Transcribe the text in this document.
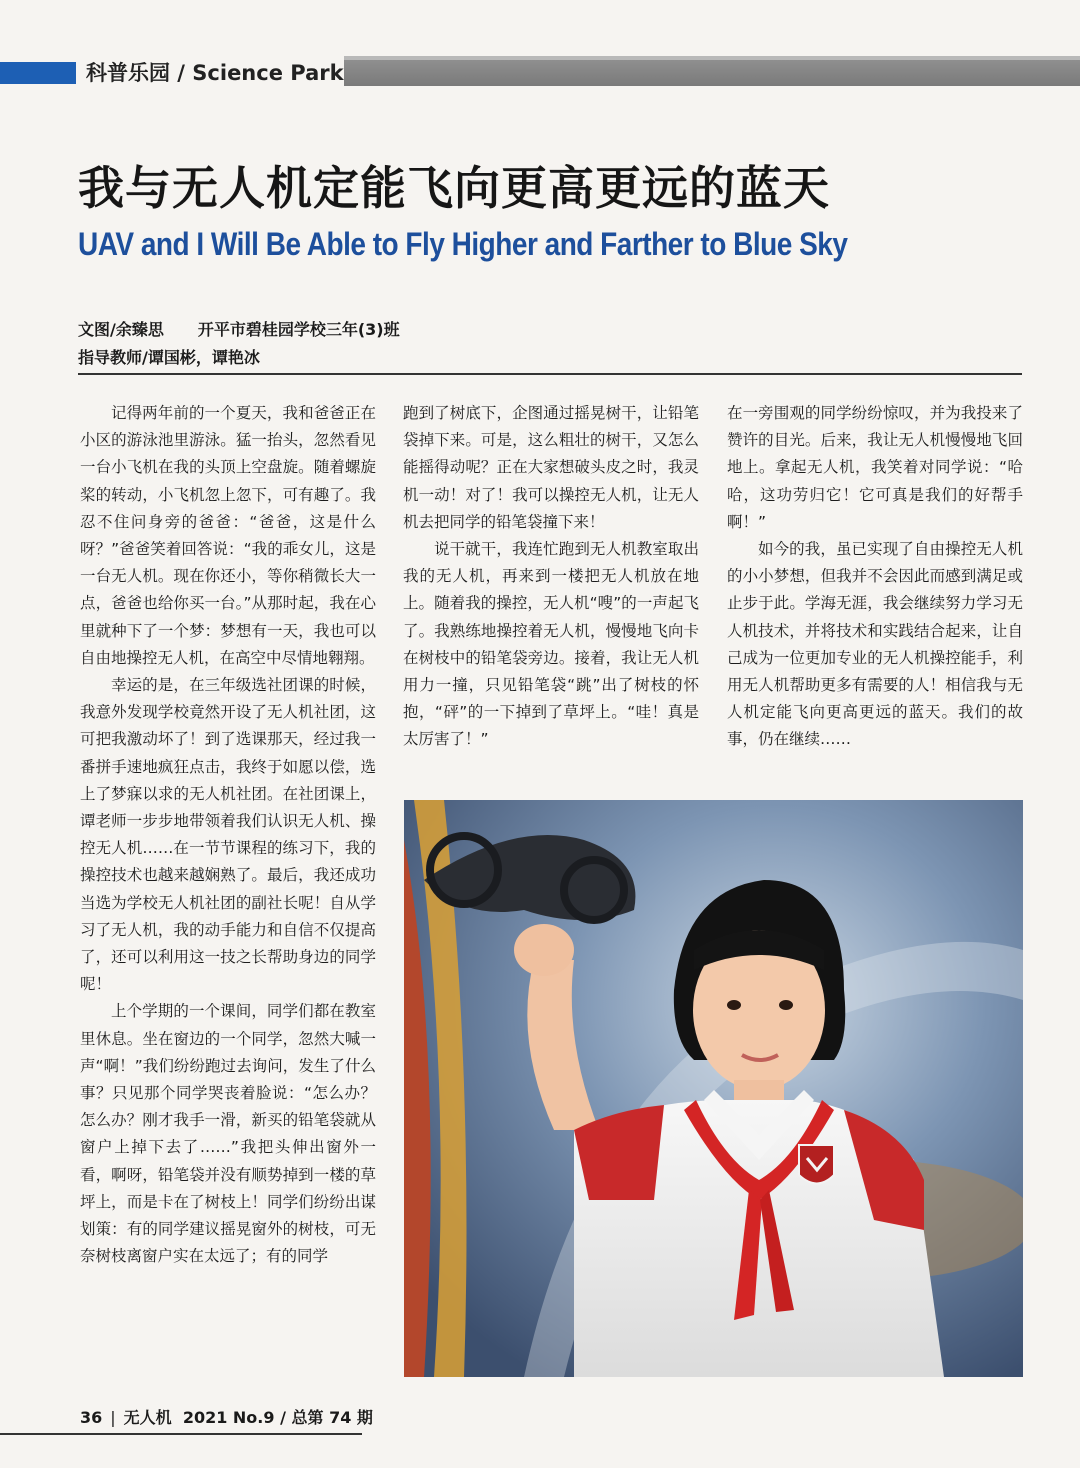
科普乐园 / Science Park
我与无人机定能飞向更高更远的蓝天
UAV and I Will Be Able to Fly Higher and Farther to Blue Sky
文图/余臻思 开平市碧桂园学校三年(3)班
指导教师/谭国彬，谭艳冰

记得两年前的一个夏天，我和爸爸正在小区的游泳池里游泳。猛一抬头，忽然看见一台小飞机在我的头顶上空盘旋。随着螺旋桨的转动，小飞机忽上忽下，可有趣了。我忍不住问身旁的爸爸：“爸爸，这是什么呀？”爸爸笑着回答说：“我的乖女儿，这是一台无人机。现在你还小，等你稍微长大一点，爸爸也给你买一台。”从那时起，我在心里就种下了一个梦：梦想有一天，我也可以自由地操控无人机，在高空中尽情地翱翔。

幸运的是，在三年级选社团课的时候，我意外发现学校竟然开设了无人机社团，这可把我激动坏了！到了选课那天，经过我一番拼手速地疯狂点击，我终于如愿以偿，选上了梦寐以求的无人机社团。在社团课上，谭老师一步步地带领着我们认识无人机、操控无人机……在一节节课程的练习下，我的操控技术也越来越娴熟了。最后，我还成功当选为学校无人机社团的副社长呢！自从学习了无人机，我的动手能力和自信不仅提高了，还可以利用这一技之长帮助身边的同学呢！

上个学期的一个课间，同学们都在教室里休息。坐在窗边的一个同学，忽然大喊一声“啊！”我们纷纷跑过去询问，发生了什么事？只见那个同学哭丧着脸说：“怎么办？怎么办？刚才我手一滑，新买的铅笔袋就从窗户上掉下去了……”我把头伸出窗外一看，啊呀，铅笔袋并没有顺势掉到一楼的草坪上，而是卡在了树枝上！同学们纷纷出谋划策：有的同学建议摇晃窗外的树枝，可无奈树枝离窗户实在太远了；有的同学

跑到了树底下，企图通过摇晃树干，让铅笔袋掉下来。可是，这么粗壮的树干，又怎么能摇得动呢？正在大家想破头皮之时，我灵机一动！对了！我可以操控无人机，让无人机去把同学的铅笔袋撞下来！

说干就干，我连忙跑到无人机教室取出我的无人机，再来到一楼把无人机放在地上。随着我的操控，无人机“嗖”的一声起飞了。我熟练地操控着无人机，慢慢地飞向卡在树枝中的铅笔袋旁边。接着，我让无人机用力一撞，只见铅笔袋“跳”出了树枝的怀抱，“砰”的一下掉到了草坪上。“哇！真是太厉害了！”

在一旁围观的同学纷纷惊叹，并为我投来了赞许的目光。后来，我让无人机慢慢地飞回地上。拿起无人机，我笑着对同学说：“哈哈，这功劳归它！它可真是我们的好帮手啊！”

如今的我，虽已实现了自由操控无人机的小小梦想，但我并不会因此而感到满足或止步于此。学海无涯，我会继续努力学习无人机技术，并将技术和实践结合起来，让自己成为一位更加专业的无人机操控能手，利用无人机帮助更多有需要的人！相信我与无人机定能飞向更高更远的蓝天。我们的故事，仍在继续……

36 | 无人机 2021 No.9 / 总第 74 期
